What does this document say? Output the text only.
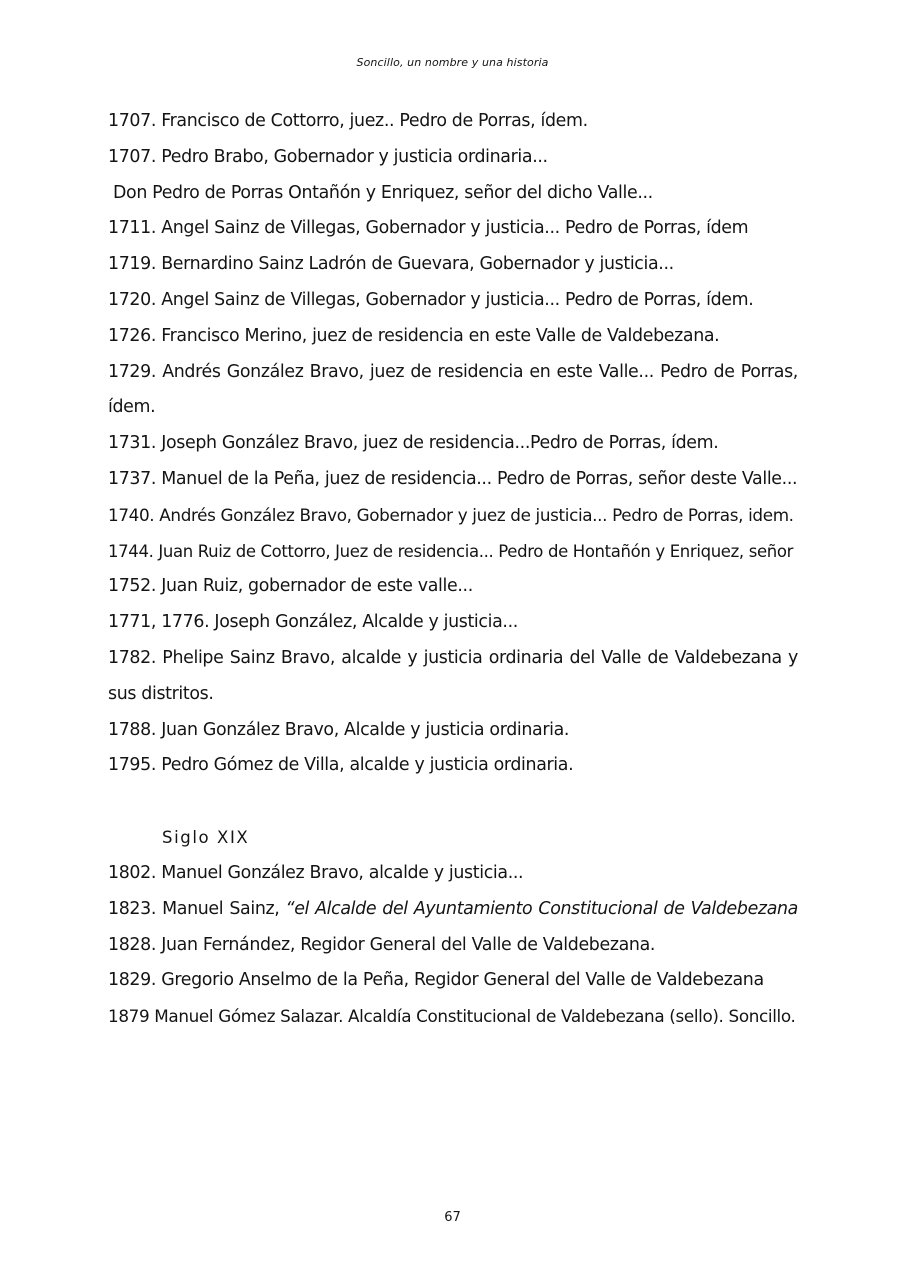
Soncillo, un nombre y una historia

1707. Francisco de Cottorro, juez.. Pedro de Porras, ídem.

1707. Pedro Brabo, Gobernador y justicia ordinaria...

Don Pedro de Porras Ontañón y Enriquez, señor del dicho Valle...

1711. Angel Sainz de Villegas, Gobernador y justicia... Pedro de Porras, ídem

1719. Bernardino Sainz Ladrón de Guevara, Gobernador y justicia...

1720. Angel Sainz de Villegas, Gobernador y justicia... Pedro de Porras, ídem.

1726. Francisco Merino, juez de residencia en este Valle de Valdebezana.

1729. Andrés González Bravo, juez de residencia en este Valle... Pedro de Porras, ídem.

1731. Joseph González Bravo, juez de residencia...Pedro de Porras, ídem.

1737. Manuel de la Peña, juez de residencia... Pedro de Porras, señor deste Valle...

1740. Andrés González Bravo, Gobernador y juez de justicia... Pedro de Porras, idem.

1744. Juan Ruiz de Cottorro, Juez de residencia... Pedro de Hontañón y Enriquez, señor

1752. Juan Ruiz, gobernador de este valle...

1771, 1776. Joseph González, Alcalde y justicia...

1782. Phelipe Sainz Bravo, alcalde y justicia ordinaria del Valle de Valdebezana y sus distritos.

1788. Juan González Bravo, Alcalde y justicia ordinaria.

1795. Pedro Gómez de Villa, alcalde y justicia ordinaria.

Siglo XIX

1802. Manuel González Bravo, alcalde y justicia...

1823. Manuel Sainz, “el Alcalde del Ayuntamiento Constitucional de Valdebezana

1828. Juan Fernández, Regidor General del Valle de Valdebezana.

1829. Gregorio Anselmo de la Peña, Regidor General del Valle de Valdebezana

1879 Manuel Gómez Salazar. Alcaldía Constitucional de Valdebezana (sello). Soncillo.

67
